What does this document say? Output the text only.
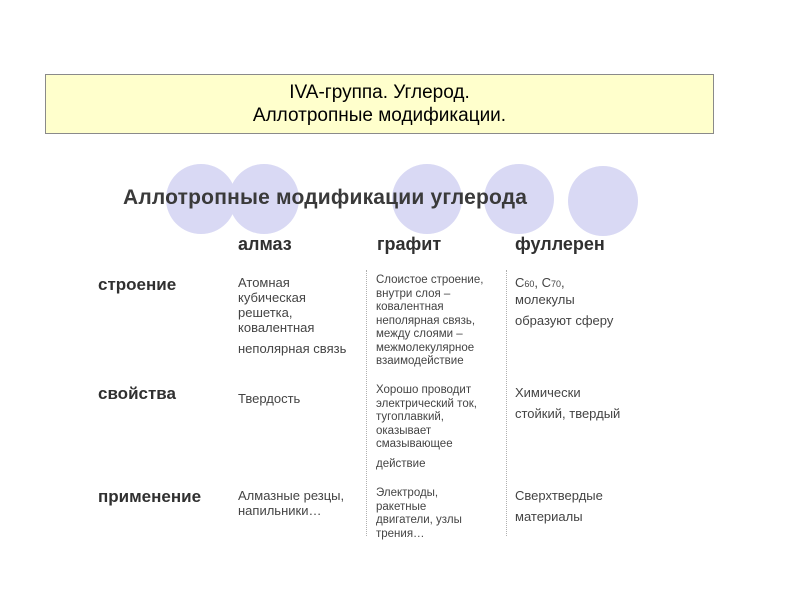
IVA-группа. Углерод.
Аллотропные модификации.
Аллотропные модификации углерода
алмаз	графит	фуллерен
строение
свойства
применение
Атомная
кубическая
решетка,
ковалентная
неполярная связь
Слоистое строение,
внутри слоя –
ковалентная
неполярная связь,
между слоями –
межмолекулярное
взаимодействие
C60, C70,
молекулы
образуют сферу
Твердость
Хорошо проводит
электрический ток,
тугоплавкий,
оказывает
смазывающее
действие
Химически
стойкий, твердый
Алмазные резцы,
напильники…
Электроды,
ракетные
двигатели, узлы
трения…
Сверхтвердые
материалы
